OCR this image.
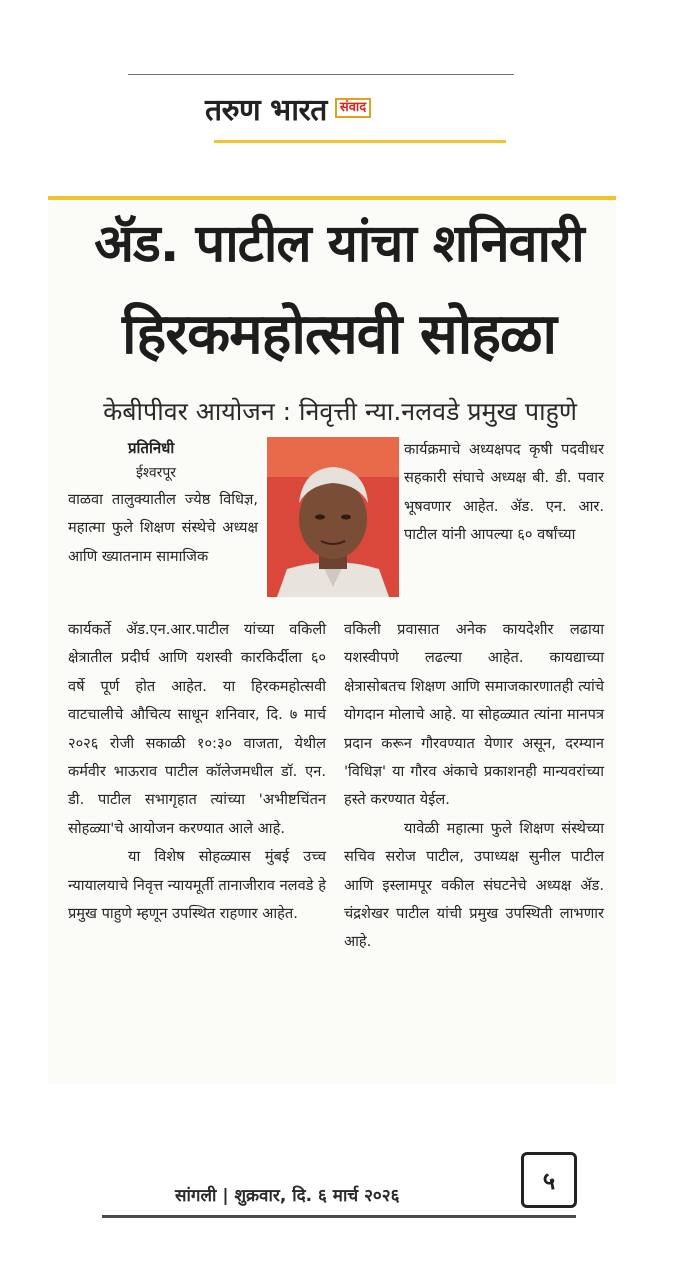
तरुण भारत	संवाद
ॲड. पाटील यांचा शनिवारी
हिरकमहोत्सवी सोहळा
केबीपीवर आयोजन : निवृत्ती न्या.नलवडे प्रमुख पाहुणे

प्रतिनिधी

ईश्वरपूर

वाळवा तालुक्यातील ज्येष्ठ विधिज्ञ, महात्मा फुले शिक्षण संस्थेचे अध्यक्ष आणि ख्यातनाम सामाजिक

कार्यकर्ते ॲड.एन.आर.पाटील यांच्या वकिली क्षेत्रातील प्रदीर्घ आणि यशस्वी कारकिर्दीला ६० वर्षे पूर्ण होत आहेत. या हिरकमहोत्सवी वाटचालीचे औचित्य साधून शनिवार, दि. ७ मार्च २०२६ रोजी सकाळी १०:३० वाजता, येथील कर्मवीर भाऊराव पाटील कॉलेजमधील डॉ. एन. डी. पाटील सभागृहात त्यांच्या 'अभीष्टचिंतन सोहळ्या'चे आयोजन करण्यात आले आहे.

या विशेष सोहळ्यास मुंबई उच्च न्यायालयाचे निवृत्त न्यायमूर्ती तानाजीराव नलवडे हे प्रमुख पाहुणे म्हणून उपस्थित राहणार आहेत.

कार्यक्रमाचे अध्यक्षपद कृषी पदवीधर सहकारी संघाचे अध्यक्ष बी. डी. पवार भूषवणार आहेत. ॲड. एन. आर. पाटील यांनी आपल्या ६० वर्षांच्या

वकिली प्रवासात अनेक कायदेशीर लढाया यशस्वीपणे लढल्या आहेत. कायद्याच्या क्षेत्रासोबतच शिक्षण आणि समाजकारणातही त्यांचे योगदान मोलाचे आहे. या सोहळ्यात त्यांना मानपत्र प्रदान करून गौरवण्यात येणार असून, दरम्यान 'विधिज्ञ' या गौरव अंकाचे प्रकाशनही मान्यवरांच्या हस्ते करण्यात येईल.

यावेळी महात्मा फुले शिक्षण संस्थेच्या सचिव सरोज पाटील, उपाध्यक्ष सुनील पाटील आणि इस्लामपूर वकील संघटनेचे अध्यक्ष ॲड. चंद्रशेखर पाटील यांची प्रमुख उपस्थिती लाभणार आहे.

सांगली | शुक्रवार, दि. ६ मार्च २०२६
५
